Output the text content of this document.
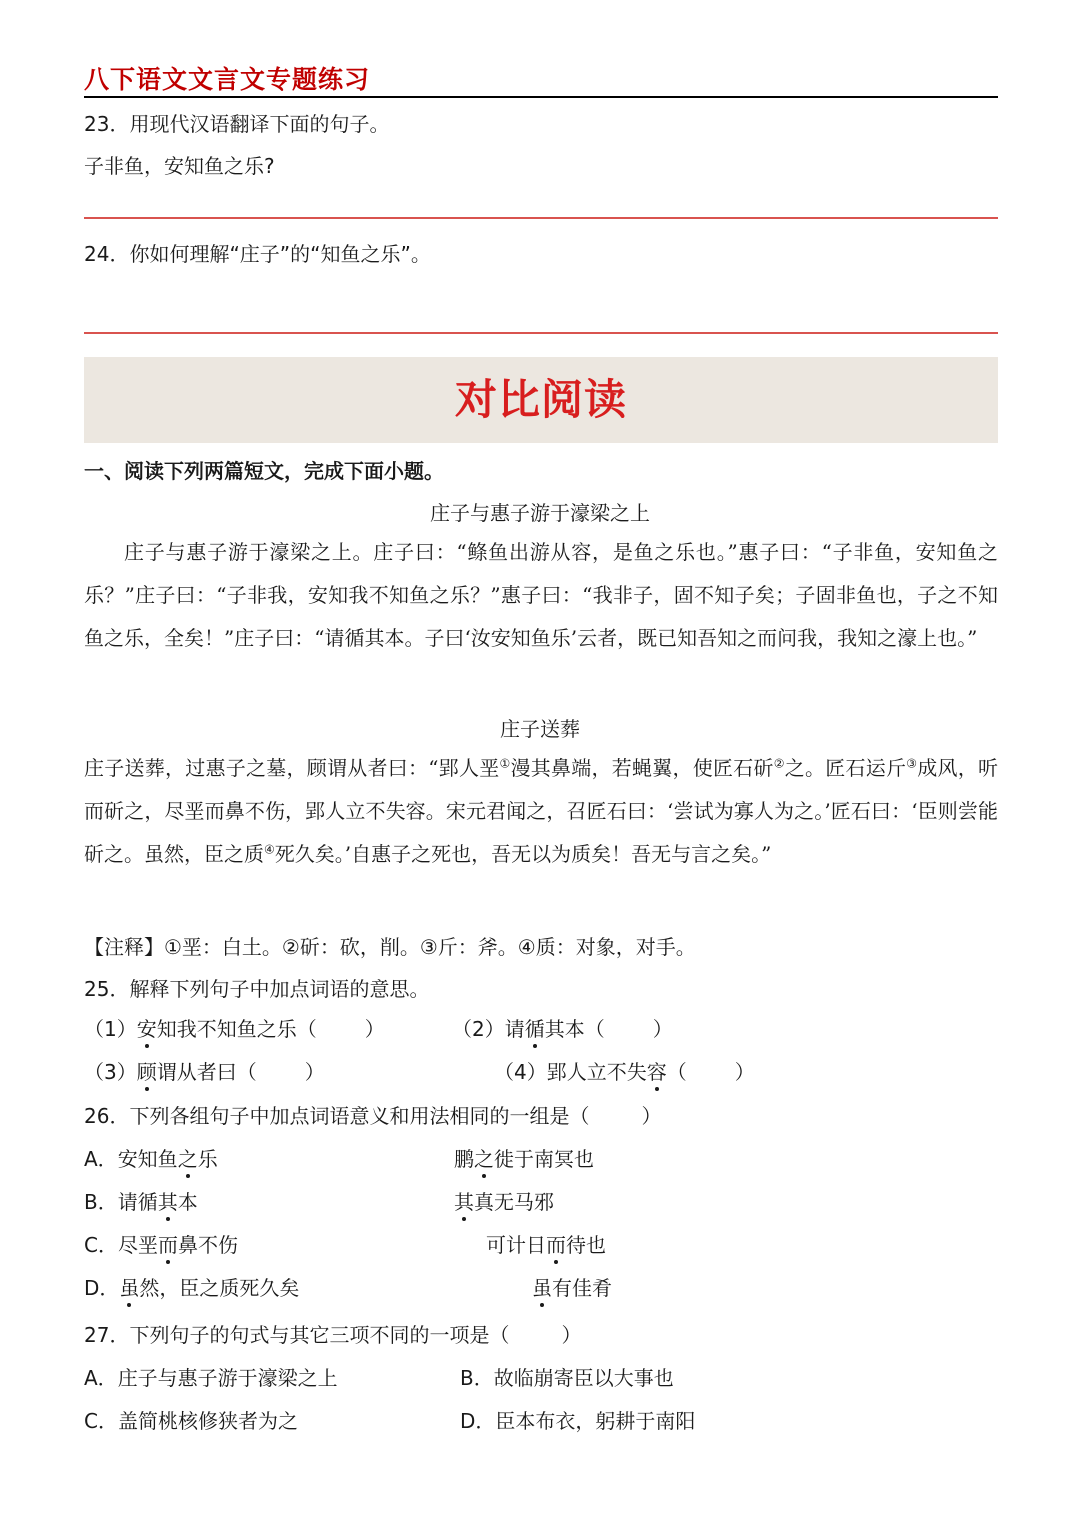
八下语文文言文专题练习
23．用现代汉语翻译下面的句子。
子非鱼，安知鱼之乐?
24．你如何理解“庄子”的“知鱼之乐”。
对比阅读
一、阅读下列两篇短文，完成下面小题。
庄子与惠子游于濠梁之上
庄子与惠子游于濠梁之上。庄子曰：“鲦鱼出游从容，是鱼之乐也。”惠子曰：“子非鱼，安知鱼之乐？”庄子曰：“子非我，安知我不知鱼之乐？”惠子曰：“我非子，固不知子矣；子固非鱼也，子之不知鱼之乐，全矣！”庄子曰：“请循其本。子曰‘汝安知鱼乐’云者，既已知吾知之而问我，我知之濠上也。”
庄子送葬
庄子送葬，过惠子之墓，顾谓从者曰：“郢人垩①漫其鼻端，若蝇翼，使匠石斫②之。匠石运斤③成风，听而斫之，尽垩而鼻不伤，郢人立不失容。宋元君闻之，召匠石曰：‘尝试为寡人为之。’匠石曰：‘臣则尝能斫之。虽然，臣之质④死久矣。’自惠子之死也，吾无以为质矣！吾无与言之矣。”
【注释】①垩：白土。②斫：砍，削。③斤：斧。④质：对象，对手。
25．解释下列句子中加点词语的意思。
（1）安知我不知鱼之乐（ ）	（2）请循其本（ ）
（3）顾谓从者曰（ ）	（4）郢人立不失容（ ）
26．下列各组句子中加点词语意义和用法相同的一组是（	）
A．安知鱼之乐	鹏之徙于南冥也
B．请循其本	其真无马邪
C．尽垩而鼻不伤	可计日而待也
D．虽然，臣之质死久矣	虽有佳肴
27．下列句子的句式与其它三项不同的一项是（	）
A．庄子与惠子游于濠梁之上	B．故临崩寄臣以大事也
C．盖简桃核修狭者为之	D．臣本布衣，躬耕于南阳
